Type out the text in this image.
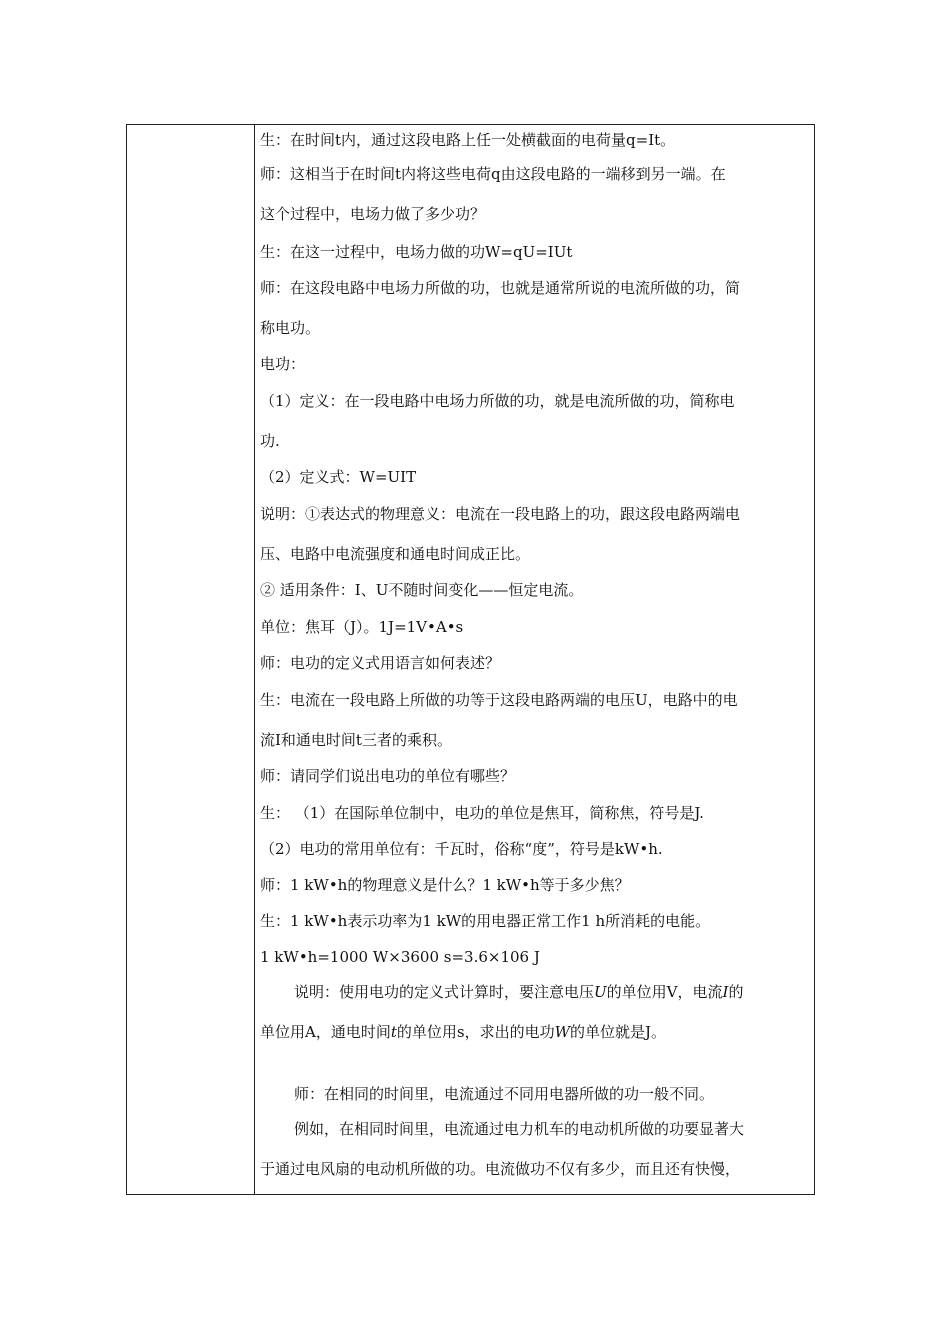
生：在时间t内，通过这段电路上任一处横截面的电荷量q=It。
师：这相当于在时间t内将这些电荷q由这段电路的一端移到另一端。在
这个过程中，电场力做了多少功？
生：在这一过程中，电场力做的功W=qU=IUt
师：在这段电路中电场力所做的功，也就是通常所说的电流所做的功，简
称电功。
电功：
（1）定义：在一段电路中电场力所做的功，就是电流所做的功，简称电
功.
（2）定义式：W=UIT
说明：①表达式的物理意义：电流在一段电路上的功，跟这段电路两端电
压、电路中电流强度和通电时间成正比。
② 适用条件：I、U不随时间变化——恒定电流。
单位：焦耳（J）。1J=1V•A•s
师：电功的定义式用语言如何表述？
生：电流在一段电路上所做的功等于这段电路两端的电压U，电路中的电
流I和通电时间t三者的乘积。
师：请同学们说出电功的单位有哪些？
生： （1）在国际单位制中，电功的单位是焦耳，简称焦，符号是J.
（2）电功的常用单位有：千瓦时，俗称“度”，符号是kW•h.
师：1 kW•h的物理意义是什么？1 kW•h等于多少焦？
生：1 kW•h表示功率为1 kW的用电器正常工作1 h所消耗的电能。
1 kW•h=1000 W×3600 s=3.6×106 J
说明：使用电功的定义式计算时，要注意电压U的单位用V，电流I的
单位用A，通电时间t的单位用s，求出的电功W的单位就是J。
师：在相同的时间里，电流通过不同用电器所做的功一般不同。
例如，在相同时间里，电流通过电力机车的电动机所做的功要显著大
于通过电风扇的电动机所做的功。电流做功不仅有多少，而且还有快慢，
